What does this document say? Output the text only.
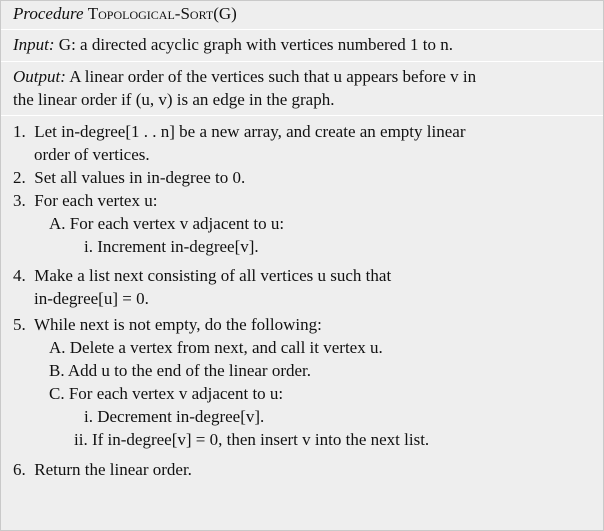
Procedure Topological-Sort(G)
Input: G: a directed acyclic graph with vertices numbered 1 to n.
Output: A linear order of the vertices such that u appears before v in
the linear order if (u, v) is an edge in the graph.
1. Let in-degree[1 . . n] be a new array, and create an empty linear
order of vertices.
2. Set all values in in-degree to 0.
3. For each vertex u:
A. For each vertex v adjacent to u:
i. Increment in-degree[v].
4. Make a list next consisting of all vertices u such that
in-degree[u] = 0.
5. While next is not empty, do the following:
A. Delete a vertex from next, and call it vertex u.
B. Add u to the end of the linear order.
C. For each vertex v adjacent to u:
i. Decrement in-degree[v].
ii. If in-degree[v] = 0, then insert v into the next list.
6. Return the linear order.
